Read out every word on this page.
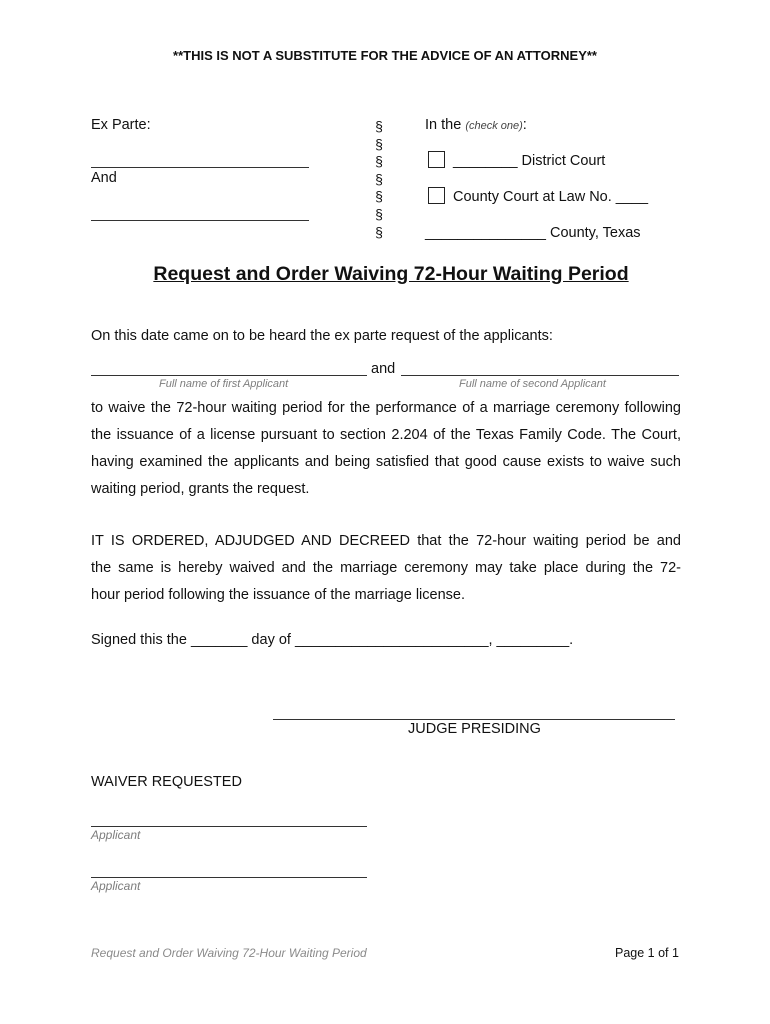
**THIS IS NOT A SUBSTITUTE FOR THE ADVICE OF AN ATTORNEY**
Ex Parte:
And
§
§
§
§
§
§
§
In the (check one):
________ District Court
County Court at Law No. ____
_______________ County, Texas
Request and Order Waiving 72-Hour Waiting Period
On this date came on to be heard the ex parte request of the applicants:
and
Full name of first Applicant	Full name of second Applicant
to waive the 72-hour waiting period for the performance of a marriage ceremony following
the issuance of a license pursuant to section 2.204 of the Texas Family Code. The Court,
having examined the applicants and being satisfied that good cause exists to waive such
waiting period, grants the request.
IT IS ORDERED, ADJUDGED AND DECREED that the 72-hour waiting period be and
the same is hereby waived and the marriage ceremony may take place during the 72-
hour period following the issuance of the marriage license.
Signed this the _______ day of ________________________, _________.
JUDGE PRESIDING
WAIVER REQUESTED
Applicant
Applicant
Request and Order Waiving 72-Hour Waiting Period	Page 1 of 1
